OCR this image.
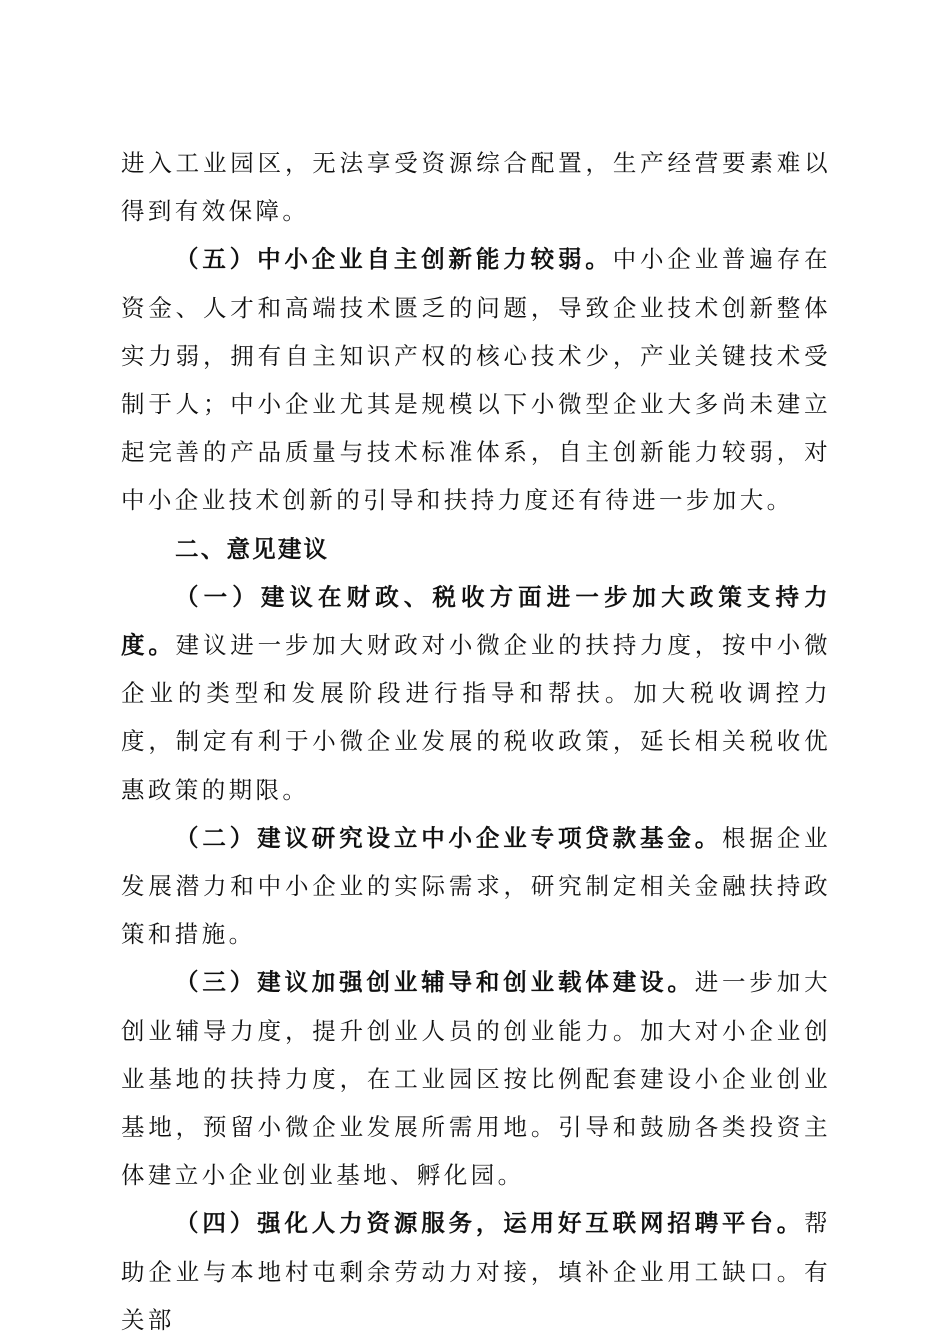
进入工业园区，无法享受资源综合配置，生产经营要素难以得到有效保障。

（五）中小企业自主创新能力较弱。中小企业普遍存在资金、人才和高端技术匮乏的问题，导致企业技术创新整体实力弱，拥有自主知识产权的核心技术少，产业关键技术受制于人；中小企业尤其是规模以下小微型企业大多尚未建立起完善的产品质量与技术标准体系，自主创新能力较弱，对中小企业技术创新的引导和扶持力度还有待进一步加大。

二、意见建议

（一）建议在财政、税收方面进一步加大政策支持力度。建议进一步加大财政对小微企业的扶持力度，按中小微企业的类型和发展阶段进行指导和帮扶。加大税收调控力度，制定有利于小微企业发展的税收政策，延长相关税收优惠政策的期限。

（二）建议研究设立中小企业专项贷款基金。根据企业发展潜力和中小企业的实际需求，研究制定相关金融扶持政策和措施。

（三）建议加强创业辅导和创业载体建设。进一步加大创业辅导力度，提升创业人员的创业能力。加大对小企业创业基地的扶持力度，在工业园区按比例配套建设小企业创业基地，预留小微企业发展所需用地。引导和鼓励各类投资主体建立小企业创业基地、孵化园。

（四）强化人力资源服务，运用好互联网招聘平台。帮助企业与本地村屯剩余劳动力对接，填补企业用工缺口。有关部
